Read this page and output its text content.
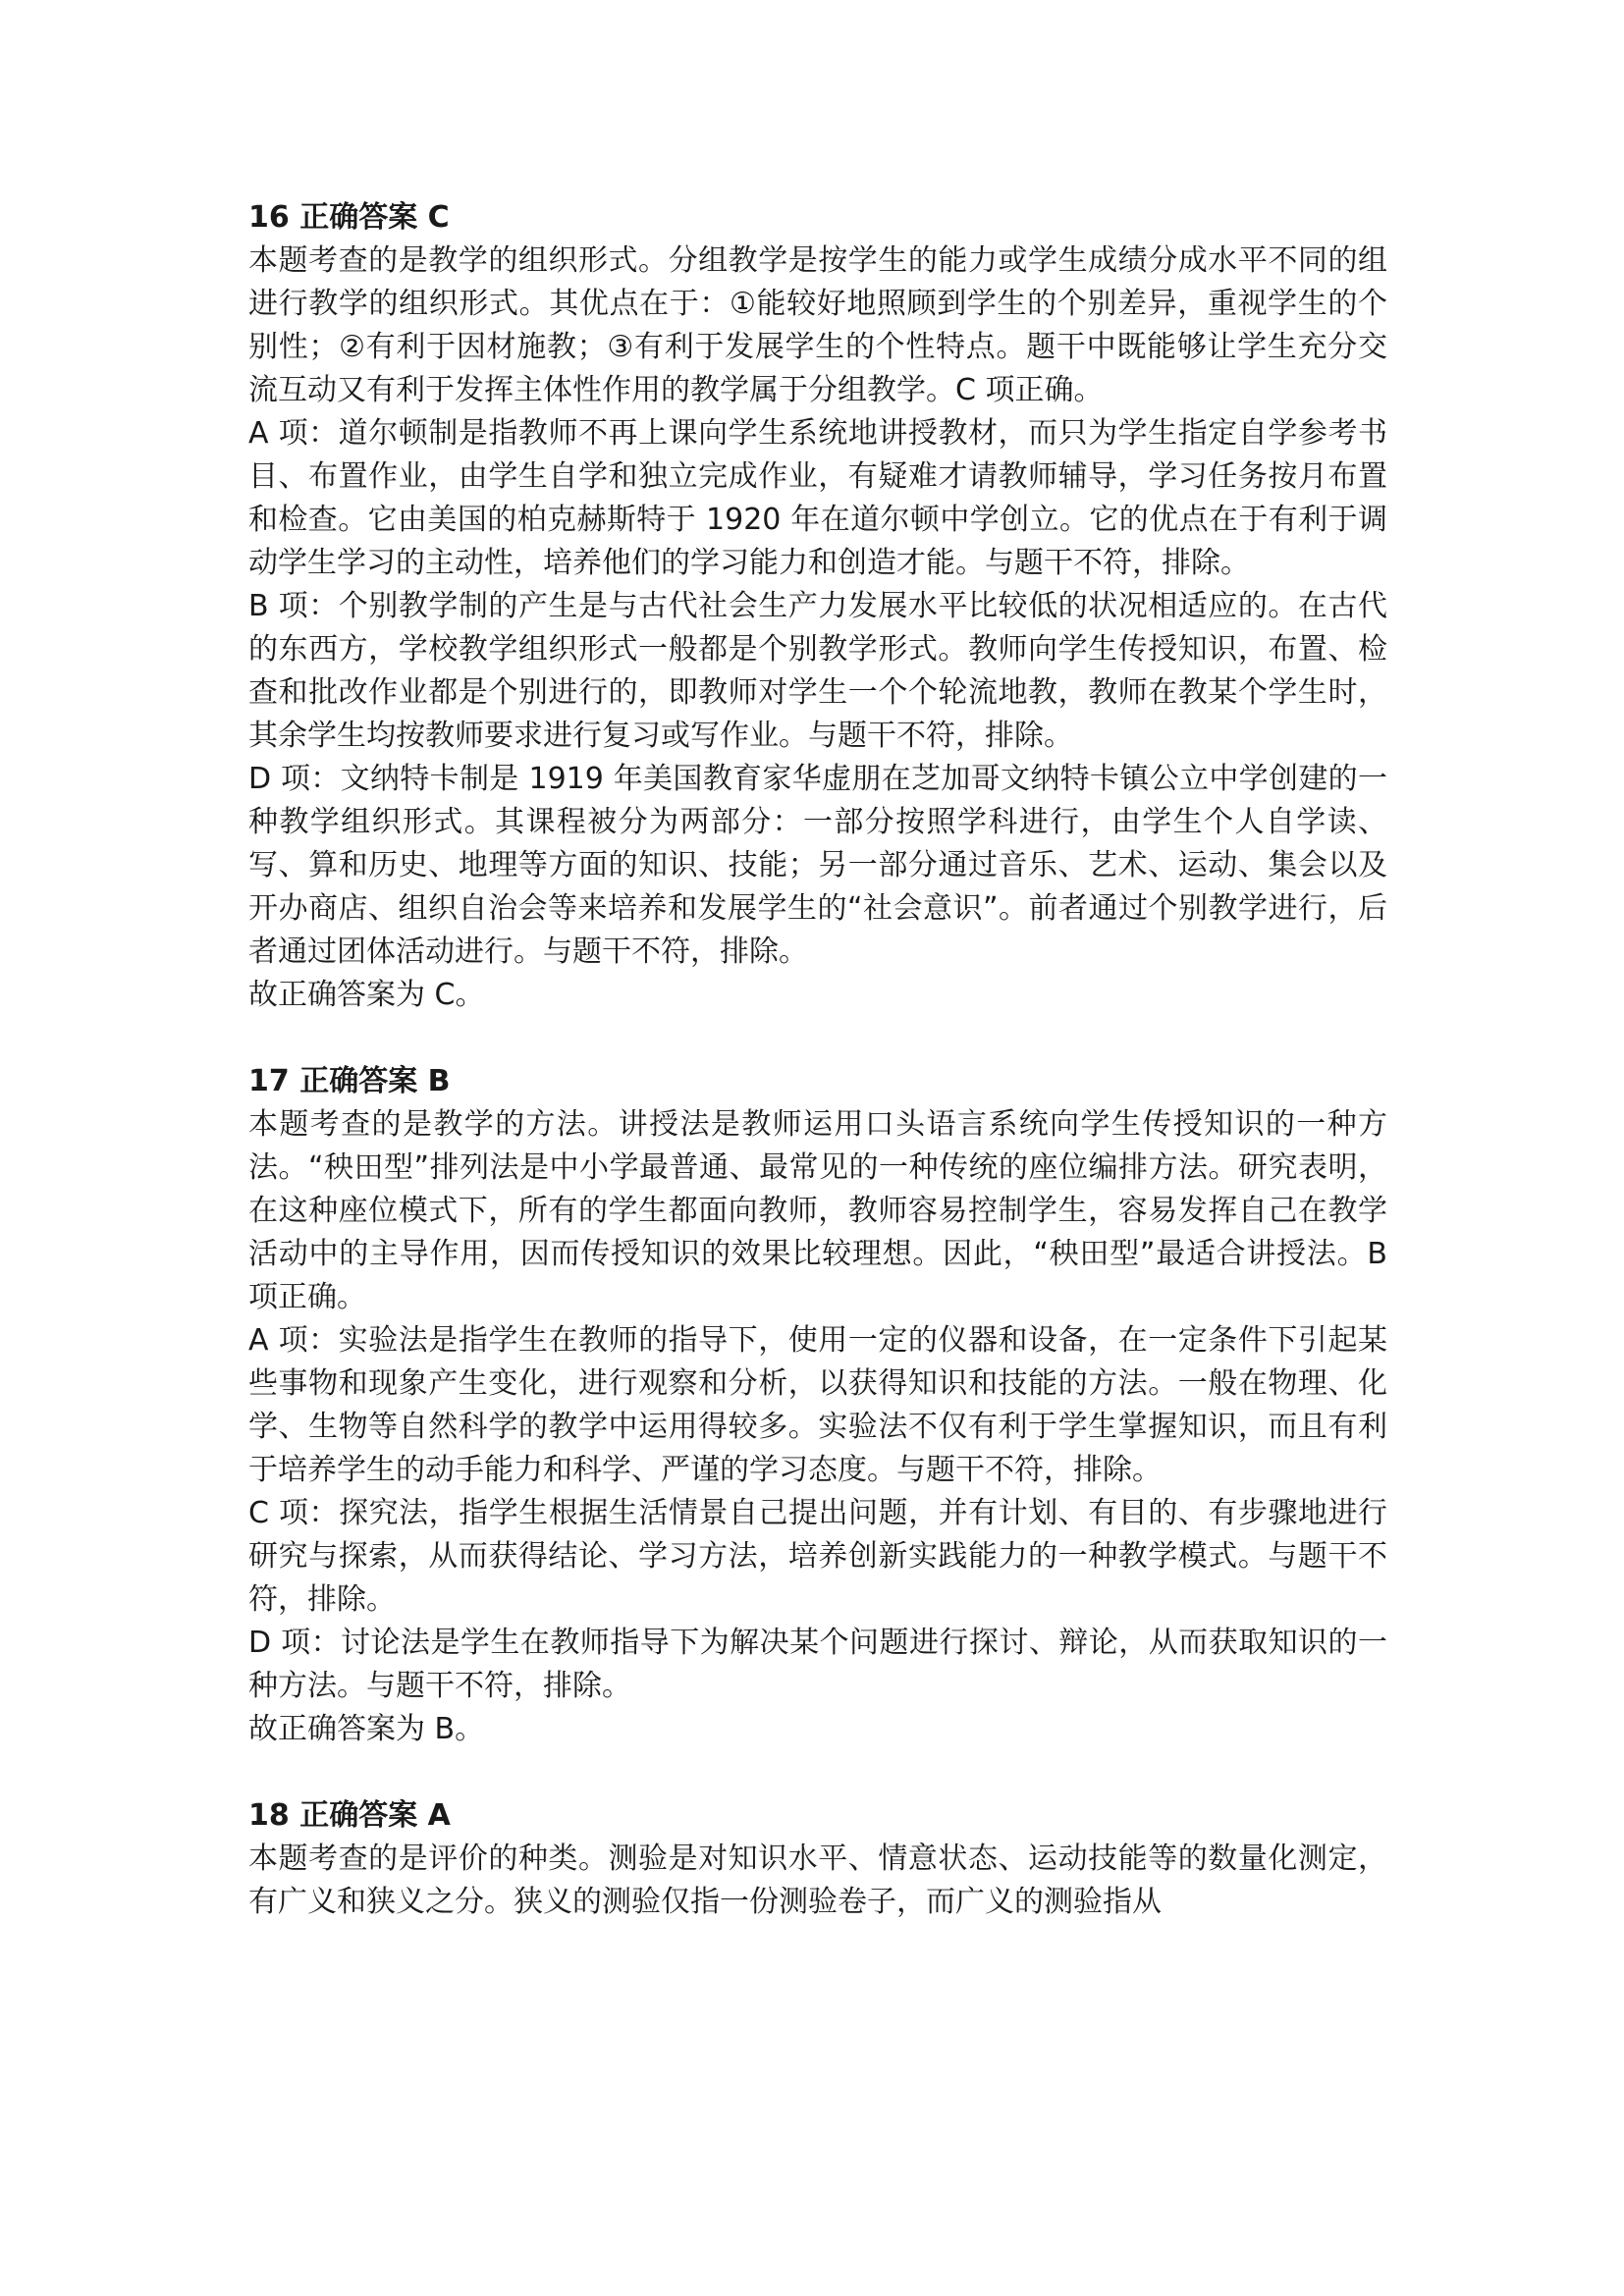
16 正确答案 C

本题考查的是教学的组织形式。分组教学是按学生的能力或学生成绩分成水平不同的组进行教学的组织形式。其优点在于：①能较好地照顾到学生的个别差异，重视学生的个别性；②有利于因材施教；③有利于发展学生的个性特点。题干中既能够让学生充分交流互动又有利于发挥主体性作用的教学属于分组教学。C 项正确。

A 项：道尔顿制是指教师不再上课向学生系统地讲授教材，而只为学生指定自学参考书目、布置作业，由学生自学和独立完成作业，有疑难才请教师辅导，学习任务按月布置和检查。它由美国的柏克赫斯特于 1920 年在道尔顿中学创立。它的优点在于有利于调动学生学习的主动性，培养他们的学习能力和创造才能。与题干不符，排除。

B 项：个别教学制的产生是与古代社会生产力发展水平比较低的状况相适应的。在古代的东西方，学校教学组织形式一般都是个别教学形式。教师向学生传授知识，布置、检查和批改作业都是个别进行的，即教师对学生一个个轮流地教，教师在教某个学生时，其余学生均按教师要求进行复习或写作业。与题干不符，排除。

D 项：文纳特卡制是 1919 年美国教育家华虚朋在芝加哥文纳特卡镇公立中学创建的一种教学组织形式。其课程被分为两部分：一部分按照学科进行，由学生个人自学读、写、算和历史、地理等方面的知识、技能；另一部分通过音乐、艺术、运动、集会以及开办商店、组织自治会等来培养和发展学生的“社会意识”。前者通过个别教学进行，后者通过团体活动进行。与题干不符，排除。

故正确答案为 C。

17 正确答案 B

本题考查的是教学的方法。讲授法是教师运用口头语言系统向学生传授知识的一种方法。“秧田型”排列法是中小学最普通、最常见的一种传统的座位编排方法。研究表明，在这种座位模式下，所有的学生都面向教师，教师容易控制学生，容易发挥自己在教学活动中的主导作用，因而传授知识的效果比较理想。因此，“秧田型”最适合讲授法。B 项正确。

A 项：实验法是指学生在教师的指导下，使用一定的仪器和设备，在一定条件下引起某些事物和现象产生变化，进行观察和分析，以获得知识和技能的方法。一般在物理、化学、生物等自然科学的教学中运用得较多。实验法不仅有利于学生掌握知识，而且有利于培养学生的动手能力和科学、严谨的学习态度。与题干不符，排除。

C 项：探究法，指学生根据生活情景自己提出问题，并有计划、有目的、有步骤地进行研究与探索，从而获得结论、学习方法，培养创新实践能力的一种教学模式。与题干不符，排除。

D 项：讨论法是学生在教师指导下为解决某个问题进行探讨、辩论，从而获取知识的一种方法。与题干不符，排除。

故正确答案为 B。

18 正确答案 A

本题考查的是评价的种类。测验是对知识水平、情意状态、运动技能等的数量化测定，有广义和狭义之分。狭义的测验仅指一份测验卷子，而广义的测验指从
